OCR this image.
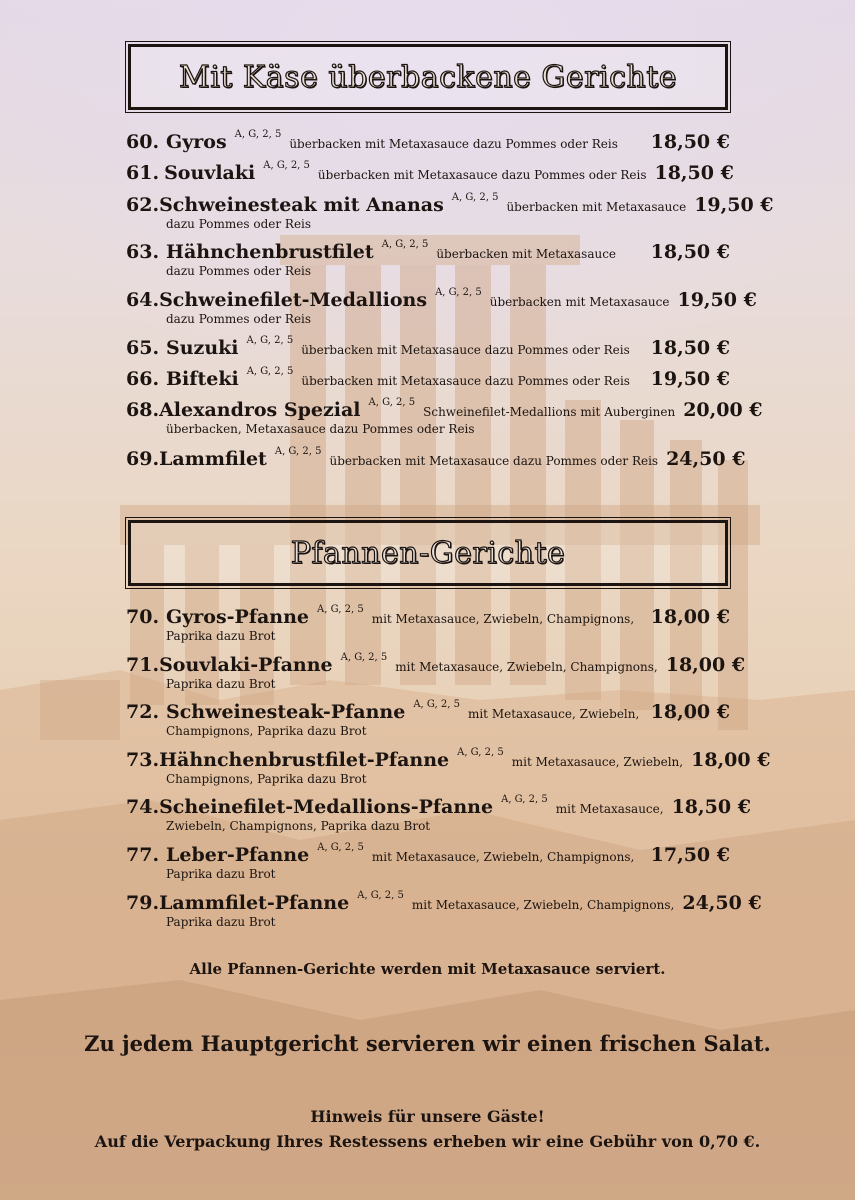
Mit Käse überbackene Gerichte
60. Gyros A, G, 2, 5
überbacken mit Metaxasauce dazu Pommes oder Reis	18,50 €
61. Souvlaki A, G, 2, 5
überbacken mit Metaxasauce dazu Pommes oder Reis 18,50 €
62. Schweinesteak mit Ananas A, G, 2, 5
überbacken mit Metaxasauce 19,50 €
dazu Pommes oder Reis
63. Hähnchenbrustfilet A, G, 2, 5
überbacken mit Metaxasauce	18,50 €
dazu Pommes oder Reis
64. Schweinefilet-Medallions A, G, 2, 5
überbacken mit Metaxasauce 19,50 €
dazu Pommes oder Reis
65. Suzuki A, G, 2, 5
überbacken mit Metaxasauce dazu Pommes oder Reis	18,50 €
66. Bifteki A, G, 2, 5
überbacken mit Metaxasauce dazu Pommes oder Reis	19,50 €
68. Alexandros Spezial A, G, 2, 5
Schweinefilet-Medallions mit Auberginen 20,00 €
überbacken, Metaxasauce dazu Pommes oder Reis
69. Lammfilet A, G, 2, 5
überbacken mit Metaxasauce dazu Pommes oder Reis 24,50 €
Pfannen-Gerichte
70. Gyros-Pfanne A, G, 2, 5
mit Metaxasauce, Zwiebeln, Champignons, 18,00 €
Paprika dazu Brot
71. Souvlaki-Pfanne A, G, 2, 5
mit Metaxasauce, Zwiebeln, Champignons, 18,00 €
Paprika dazu Brot
72. Schweinesteak-Pfanne A, G, 2, 5
mit Metaxasauce, Zwiebeln, 18,00 €
Champignons, Paprika dazu Brot
73. Hähnchenbrustfilet-Pfanne A, G, 2, 5
mit Metaxasauce, Zwiebeln, 18,00 €
Champignons, Paprika dazu Brot
74. Scheinefilet-Medallions-Pfanne A, G, 2, 5
mit Metaxasauce, 18,50 €
Zwiebeln, Champignons, Paprika dazu Brot
77. Leber-Pfanne A, G, 2, 5
mit Metaxasauce, Zwiebeln, Champignons, 17,50 €
Paprika dazu Brot
79. Lammfilet-Pfanne A, G, 2, 5
mit Metaxasauce, Zwiebeln, Champignons, 24,50 €
Paprika dazu Brot
Alle Pfannen-Gerichte werden mit Metaxasauce serviert.
Zu jedem Hauptgericht servieren wir einen frischen Salat.
Hinweis für unsere Gäste!
Auf die Verpackung Ihres Restessens erheben wir eine Gebühr von 0,70 €.
